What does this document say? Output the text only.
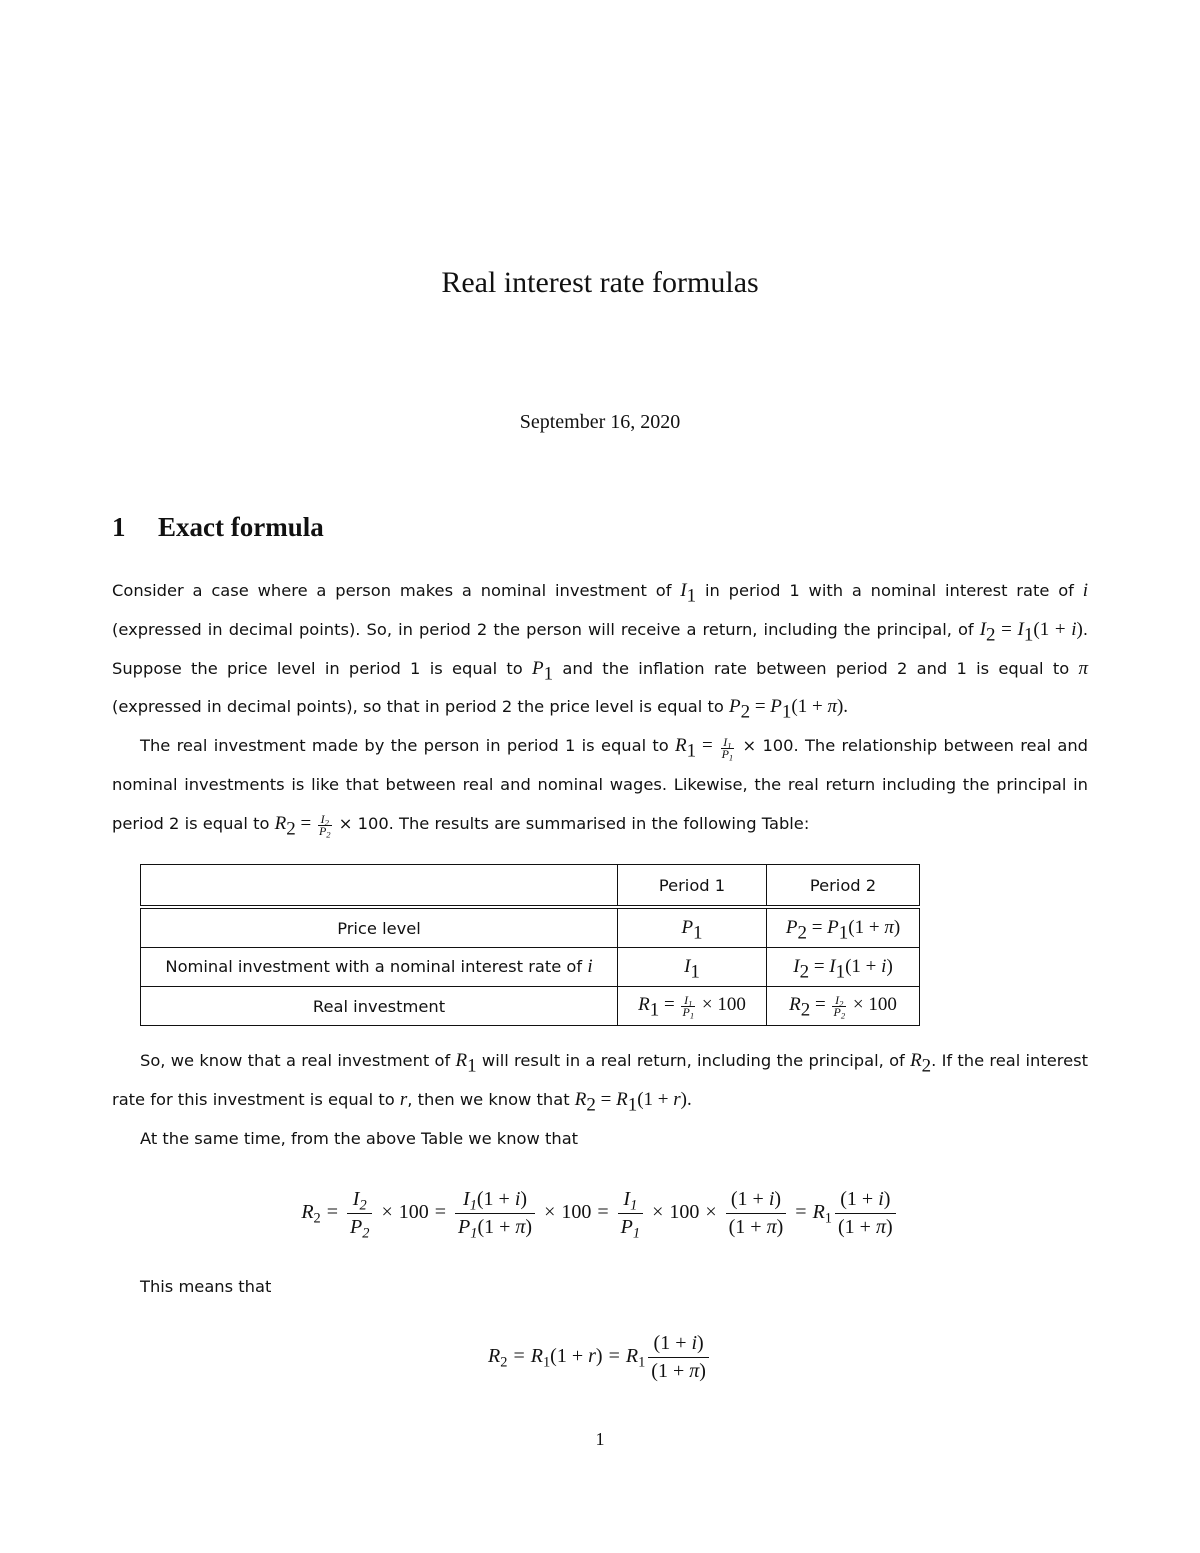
Real interest rate formulas
September 16, 2020
1 Exact formula

Consider a case where a person makes a nominal investment of $I_1$ in period 1 with a nominal interest rate of i (expressed in decimal points). So, in period 2 the person will receive a return, including the principal, of $I_2 = I_1(1 + i)$. Suppose the price level in period 1 is equal to $P_1$ and the inflation rate between period 2 and 1 is equal to π (expressed in decimal points), so that in period 2 the price level is equal to $P_2 = P_1(1 + \pi)$.

The real investment made by the person in period 1 is equal to $R_1 = \frac{I_1}{P_1} \times 100$. The relationship between real and nominal investments is like that between real and nominal wages. Likewise, the real return including the principal in period 2 is equal to $R_2 = \frac{I_2}{P_2} \times 100$. The results are summarised in the following Table:

	Period 1	Period 2
Price level	$P_1$	$P_2 = P_1(1 + \pi)$
Nominal investment with a nominal interest rate of i	$I_1$	$I_2 = I_1(1 + i)$
Real investment	$R_1 = \frac{I_1}{P_1} \times 100$	$R_2 = \frac{I_2}{P_2} \times 100$

So, we know that a real investment of $R_1$ will result in a real return, including the principal, of $R_2$. If the real interest rate for this investment is equal to r, then we know that $R_2 = R_1(1 + r)$.

At the same time, from the above Table we know that

$R_2 = \frac{I_2}{P_2} \times 100 = \frac{I_1(1 + i)}{P_1(1 + \pi)} \times 100 = \frac{I_1}{P_1} \times 100 \times \frac{(1 + i)}{(1 + \pi)} = R_1 \frac{(1 + i)}{(1 + \pi)}$

This means that

$R_2 = R_1(1 + r) = R_1 \frac{(1 + i)}{(1 + \pi)}$
1
